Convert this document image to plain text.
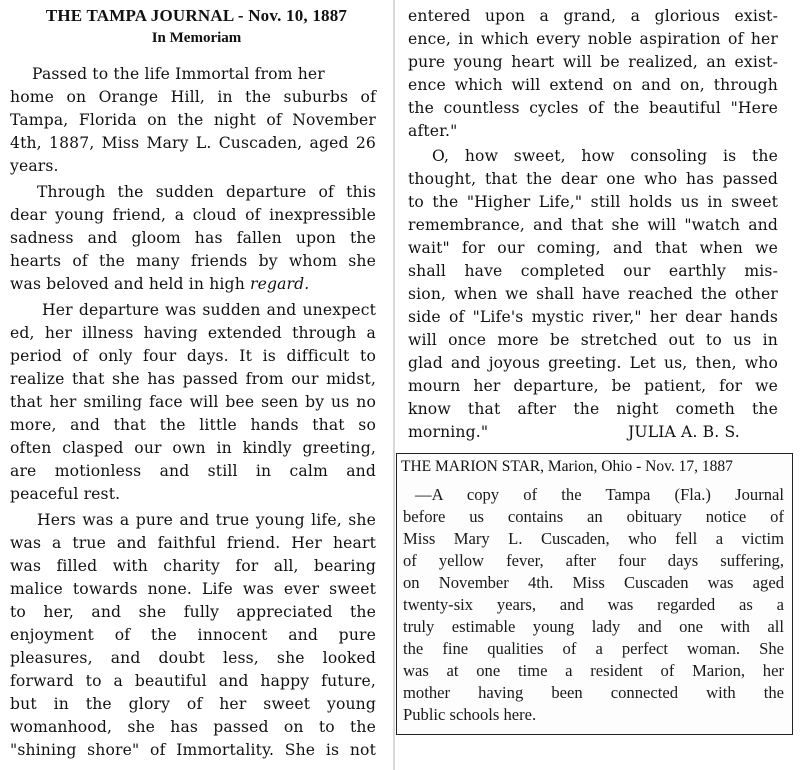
THE TAMPA JOURNAL - Nov. 10, 1887
In Memoriam
Passed to the life Immortal from her
home on Orange Hill, in the suburbs of
Tampa, Florida on the night of November
4th, 1887, Miss Mary L. Cuscaden, aged 26
years.
Through the sudden departure of this
dear young friend, a cloud of inexpressible
sadness and gloom has fallen upon the
hearts of the many friends by whom she
was beloved and held in high regard.
Her departure was sudden and unexpect
ed, her illness having extended through a
period of only four days. It is difficult to
realize that she has passed from our midst,
that her smiling face will bee seen by us no
more, and that the little hands that so
often clasped our own in kindly greeting,
are motionless and still in calm and
peaceful rest.
Hers was a pure and true young life, she
was a true and faithful friend. Her heart
was filled with charity for all, bearing
malice towards none. Life was ever sweet
to her, and she fully appreciated the
enjoyment of the innocent and pure
pleasures, and doubt less, she looked
forward to a beautiful and happy future,
but in the glory of her sweet young
womanhood, she has passed on to the
"shining shore" of Immortality. She is not
entered upon a grand, a glorious exist-
ence, in which every noble aspiration of her
pure young heart will be realized, an exist-
ence which will extend on and on, through
the countless cycles of the beautiful "Here
after."
O, how sweet, how consoling is the
thought, that the dear one who has passed
to the "Higher Life," still holds us in sweet
remembrance, and that she will "watch and
wait" for our coming, and that when we
shall have completed our earthly mis-
sion, when we shall have reached the other
side of "Life's mystic river," her dear hands
will once more be stretched out to us in
glad and joyous greeting. Let us, then, who
mourn her departure, be patient, for we
know that after the night cometh the
morning."	JULIA A. B. S.
THE MARION STAR, Marion, Ohio - Nov. 17, 1887
—A copy of the Tampa (Fla.) Journal
before us contains an obituary notice of
Miss Mary L. Cuscaden, who fell a victim
of yellow fever, after four days suffering,
on November 4th. Miss Cuscaden was aged
twenty-six years, and was regarded as a
truly estimable young lady and one with all
the fine qualities of a perfect woman. She
was at one time a resident of Marion, her
mother having been connected with the
Public schools here.
